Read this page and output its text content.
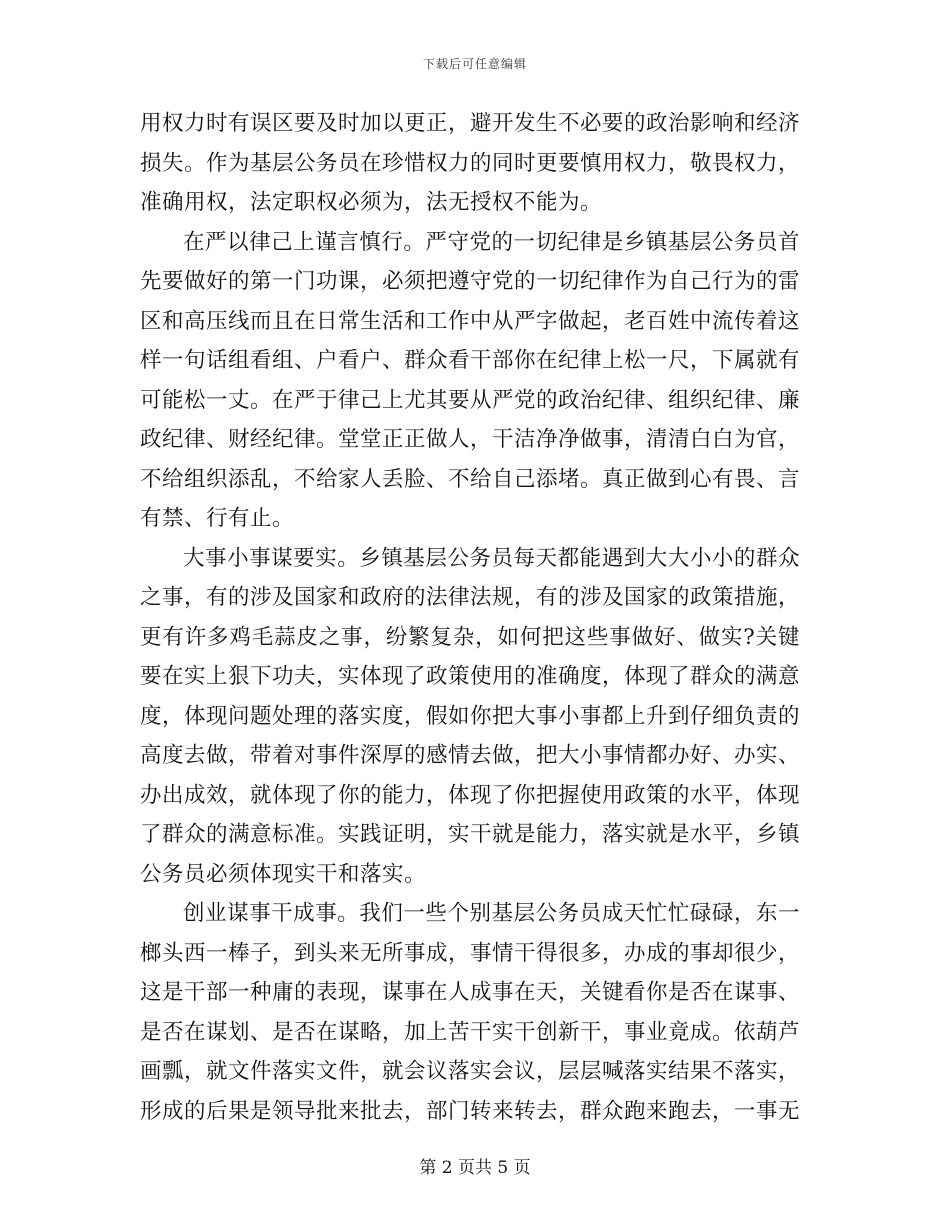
下载后可任意编辑

用权力时有误区要及时加以更正，避开发生不必要的政治影响和经济损失。作为基层公务员在珍惜权力的同时更要慎用权力，敬畏权力，准确用权，法定职权必须为，法无授权不能为。

在严以律己上谨言慎行。严守党的一切纪律是乡镇基层公务员首先要做好的第一门功课，必须把遵守党的一切纪律作为自己行为的雷区和高压线而且在日常生活和工作中从严字做起，老百姓中流传着这样一句话组看组、户看户、群众看干部你在纪律上松一尺，下属就有可能松一丈。在严于律己上尤其要从严党的政治纪律、组织纪律、廉政纪律、财经纪律。堂堂正正做人，干洁净净做事，清清白白为官，不给组织添乱，不给家人丢脸、不给自己添堵。真正做到心有畏、言有禁、行有止。

大事小事谋要实。乡镇基层公务员每天都能遇到大大小小的群众之事，有的涉及国家和政府的法律法规，有的涉及国家的政策措施，更有许多鸡毛蒜皮之事，纷繁复杂，如何把这些事做好、做实?关键要在实上狠下功夫，实体现了政策使用的准确度，体现了群众的满意度，体现问题处理的落实度，假如你把大事小事都上升到仔细负责的高度去做，带着对事件深厚的感情去做，把大小事情都办好、办实、办出成效，就体现了你的能力，体现了你把握使用政策的水平，体现了群众的满意标准。实践证明，实干就是能力，落实就是水平，乡镇公务员必须体现实干和落实。

创业谋事干成事。我们一些个别基层公务员成天忙忙碌碌，东一榔头西一棒子，到头来无所事成，事情干得很多，办成的事却很少，这是干部一种庸的表现，谋事在人成事在天，关键看你是否在谋事、是否在谋划、是否在谋略，加上苦干实干创新干，事业竟成。依葫芦画瓢，就文件落实文件，就会议落实会议，层层喊落实结果不落实，形成的后果是领导批来批去，部门转来转去，群众跑来跑去，一事无

第 2 页共 5 页
